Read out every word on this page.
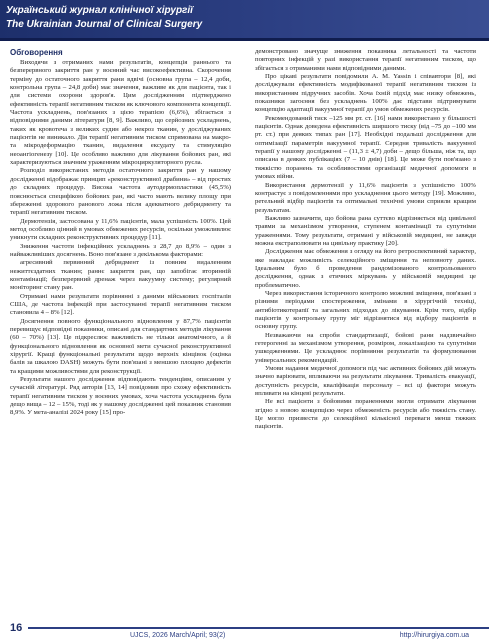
Український журнал клінічної хірургії
The Ukrainian Journal of Clinical Surgery
Обговорення

Виходячи з отриманих нами результатів, концепція раннього та безперервного закриття ран у воєнний час високоефективна. Скорочення терміну до остаточного закриття рани вдвічі (основна група – 12,4 доби, контрольна група – 24,8 доби) має значення, важливе як для пацієнта, так і для системи охорони здоров'я. Цим дослідженням підтверджено ефективність терапії негативним тиском як ключового компонента концепції. Частота ускладнень, пов'язаних з цією терапією (6,6%), збігається з відповідними даними літератури [8, 9]. Важливо, що серйозних ускладнень, таких як кровотеча з великих судин або некроз тканин, у досліджуваних пацієнтів не виникало. Дія терапії негативним тиском спрямована на макро- та мікродеформацію тканин, видалення ексудату та стимуляцію неоангіогенезу [10]. Це особливо важливо для лікування бойових ран, які характеризуються значним ураженням мікроциркуляторного русла.

Розподіл використаних методів остаточного закриття ран у нашому дослідженні відображає принцип «реконструктивної драбини» – від простих до складних процедур. Висока частота аутодермопластики (45,5%) пояснюється специфікою бойових ран, які часто мають велику площу при збереженні здорового ранового ложа після адекватного дебридменту та терапії негативним тиском.

Дермотензія, застосована у 11,6% пацієнтів, мала успішність 100%. Цей метод особливо цінний в умовах обмежених ресурсів, оскільки уможливлює уникнути складних реконструктивних процедур [11].

Зниження частоти інфекційних ускладнень з 28,7 до 8,9% – один з найважливіших досягнень. Воно пов'язане з декількома факторами:

агресивний первинний дебридмент із повним видаленням нежиттєздатних тканин; раннє закриття ран, що запобігає вторинній контамінації; безперервний дренаж через вакуумну систему; регулярний моніторинг стану ран.

Отримані нами результати порівнянні з даними військових госпіталів США, де частота інфекцій при застосуванні терапії негативним тиском становила 4 – 8% [12].

Досягнення повного функціонального відновлення у 87,7% пацієнтів перевищує відповідні показники, описані для стандартних методів лікування (60 – 70%) [13]. Це підкреслює важливість не тільки анатомічного, а й функціонального відновлення як основної мети сучасної реконструктивної хірургії. Кращі функціональні результати щодо верхніх кінцівок (оцінка балів за шкалою DASH) можуть бути пов'язані з меншою площею дефектів та кращими можливостями для реконструкції.

Результати нашого дослідження відповідають тенденціям, описаним у сучасній літературі. Ряд авторів [13, 14] повідомив про схожу ефективність терапії негативним тиском у воєнних умовах, хоча частота ускладнень була дещо вища – 12 – 15%, тоді як у нашому дослідженні цей показник становив 8,9%. У мета-аналізі 2024 року [15] про-

демонстровано значуще зниження показника летальності та частоти повторних інфекцій у разі використання терапії негативним тиском, що збігається з отриманими нами відповідними даними.

Про цікаві результати повідомили A. M. Yassin і співавтори [8], які досліджували ефективність модифікованої терапії негативним тиском із використанням підручних засобів. Хоча їхній підхід має низку обмежень, показники загоєння без ускладнень 100% дає підстави підтримувати концепцію адаптації вакуумної терапії до умов обмежених ресурсів.

Рекомендований тиск –125 мм рт. ст. [16] нами використано у більшості пацієнтів. Однак доведена ефективність ширшого тиску (від –75 до –100 мм рт. ст.) при деяких типах ран [17]. Необхідні подальші дослідження для оптимізації параметрів вакуумної терапії. Середня тривалість вакуумної терапії у нашому дослідженні – (11,3 ± 4,7) доби – дещо більша, ніж та, що описана в деяких публікаціях (7 – 10 днів) [18]. Це може бути пов'язано з тяжкістю поранень та особливостями організації медичної допомоги в умовах війни.

Використання дермотензії у 11,6% пацієнтів з успішністю 100% контрастує з повідомленнями про ускладнення цього методу [19]. Можливо, ретельний відбір пацієнтів та оптимальні технічні умови сприяли кращим результатам.

Важливо зазначити, що бойова рана суттєво відрізняється від цивільної травми за механізмом утворення, ступенем контамінації та супутніми ураженнями. Тому результати, отримані у військовій медицині, не завжди можна екстраполювати на цивільну практику [20].

Дослідження має обмеження з огляду на його ретроспективний характер, яке накладає можливість селекційного зміщення та неповноту даних. Ідеальним було б проведення рандомізованого контрольованого дослідження, однак з етичних міркувань у військовій медицині це проблематично.

Через використання історичного контролю можливі зміщення, пов'язані з різними періодами спостереження, змінами в хірургічній техніці, антибіотикотерапії та загальних підходах до лікування. Крім того, відбір пацієнтів у контрольну групу міг відрізнятися від відбору пацієнтів в основну групу.

Незважаючи на спроби стандартизації, бойові рани надзвичайно гетерогенні за механізмом утворення, розміром, локалізацією та супутніми ушкодженнями. Це ускладнює порівняння результатів та формулювання універсальних рекомендацій.

Умови надання медичної допомоги під час активних бойових дій можуть значно варіювати, впливаючи на результати лікування. Тривалість евакуації, доступність ресурсів, кваліфікація персоналу – всі ці фактори можуть впливати на кінцеві результати.

Не всі пацієнти з бойовими пораненнями могли отримати лікування згідно з новою концепцією через обмеженість ресурсів або тяжкість стану. Це могло призвести до селекційної кількісної переваги менш тяжких пацієнтів.

16
UJCS, 2026 March/April; 93(2)	http://hirurgiya.com.ua
